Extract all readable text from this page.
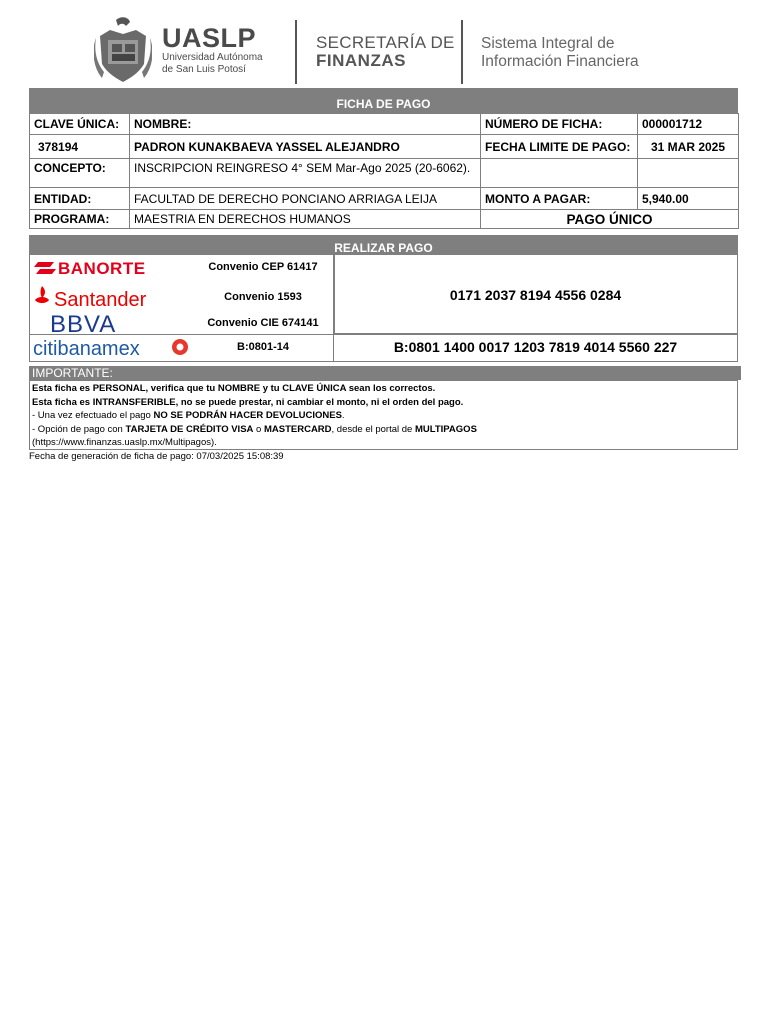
UASLP
Universidad Autónoma
de San Luis Potosí
SECRETARÍA DE
FINANZAS
Sistema Integral de
Información Financiera
FICHA DE PAGO
CLAVE ÚNICA:	NOMBRE:	NÚMERO DE FICHA:	000001712
378194	PADRON KUNAKBAEVA YASSEL ALEJANDRO	FECHA LIMITE DE PAGO:	31 MAR 2025
CONCEPTO:	INSCRIPCION REINGRESO 4° SEM Mar-Ago 2025 (20-6062).		
ENTIDAD:	FACULTAD DE DERECHO PONCIANO ARRIAGA LEIJA	MONTO A PAGAR:	5,940.00
PROGRAMA:	MAESTRIA EN DERECHOS HUMANOS	PAGO ÚNICO	
REALIZAR PAGO
BANORTE	Convenio CEP 61417
Santander	Convenio 1593
BBVA	Convenio CIE 674141
0171 2037 8194 4556 0284
citibanamex	B:0801-14	B:0801 1400 0017 1203 7819 4014 5560 227
IMPORTANTE:
Esta ficha es PERSONAL, verifica que tu NOMBRE y tu CLAVE ÚNICA sean los correctos.
Esta ficha es INTRANSFERIBLE, no se puede prestar, ni cambiar el monto, ni el orden del pago.
- Una vez efectuado el pago NO SE PODRÁN HACER DEVOLUCIONES.
- Opción de pago con TARJETA DE CRÉDITO VISA o MASTERCARD, desde el portal de MULTIPAGOS
(https://www.finanzas.uaslp.mx/Multipagos).
Fecha de generación de ficha de pago: 07/03/2025 15:08:39
